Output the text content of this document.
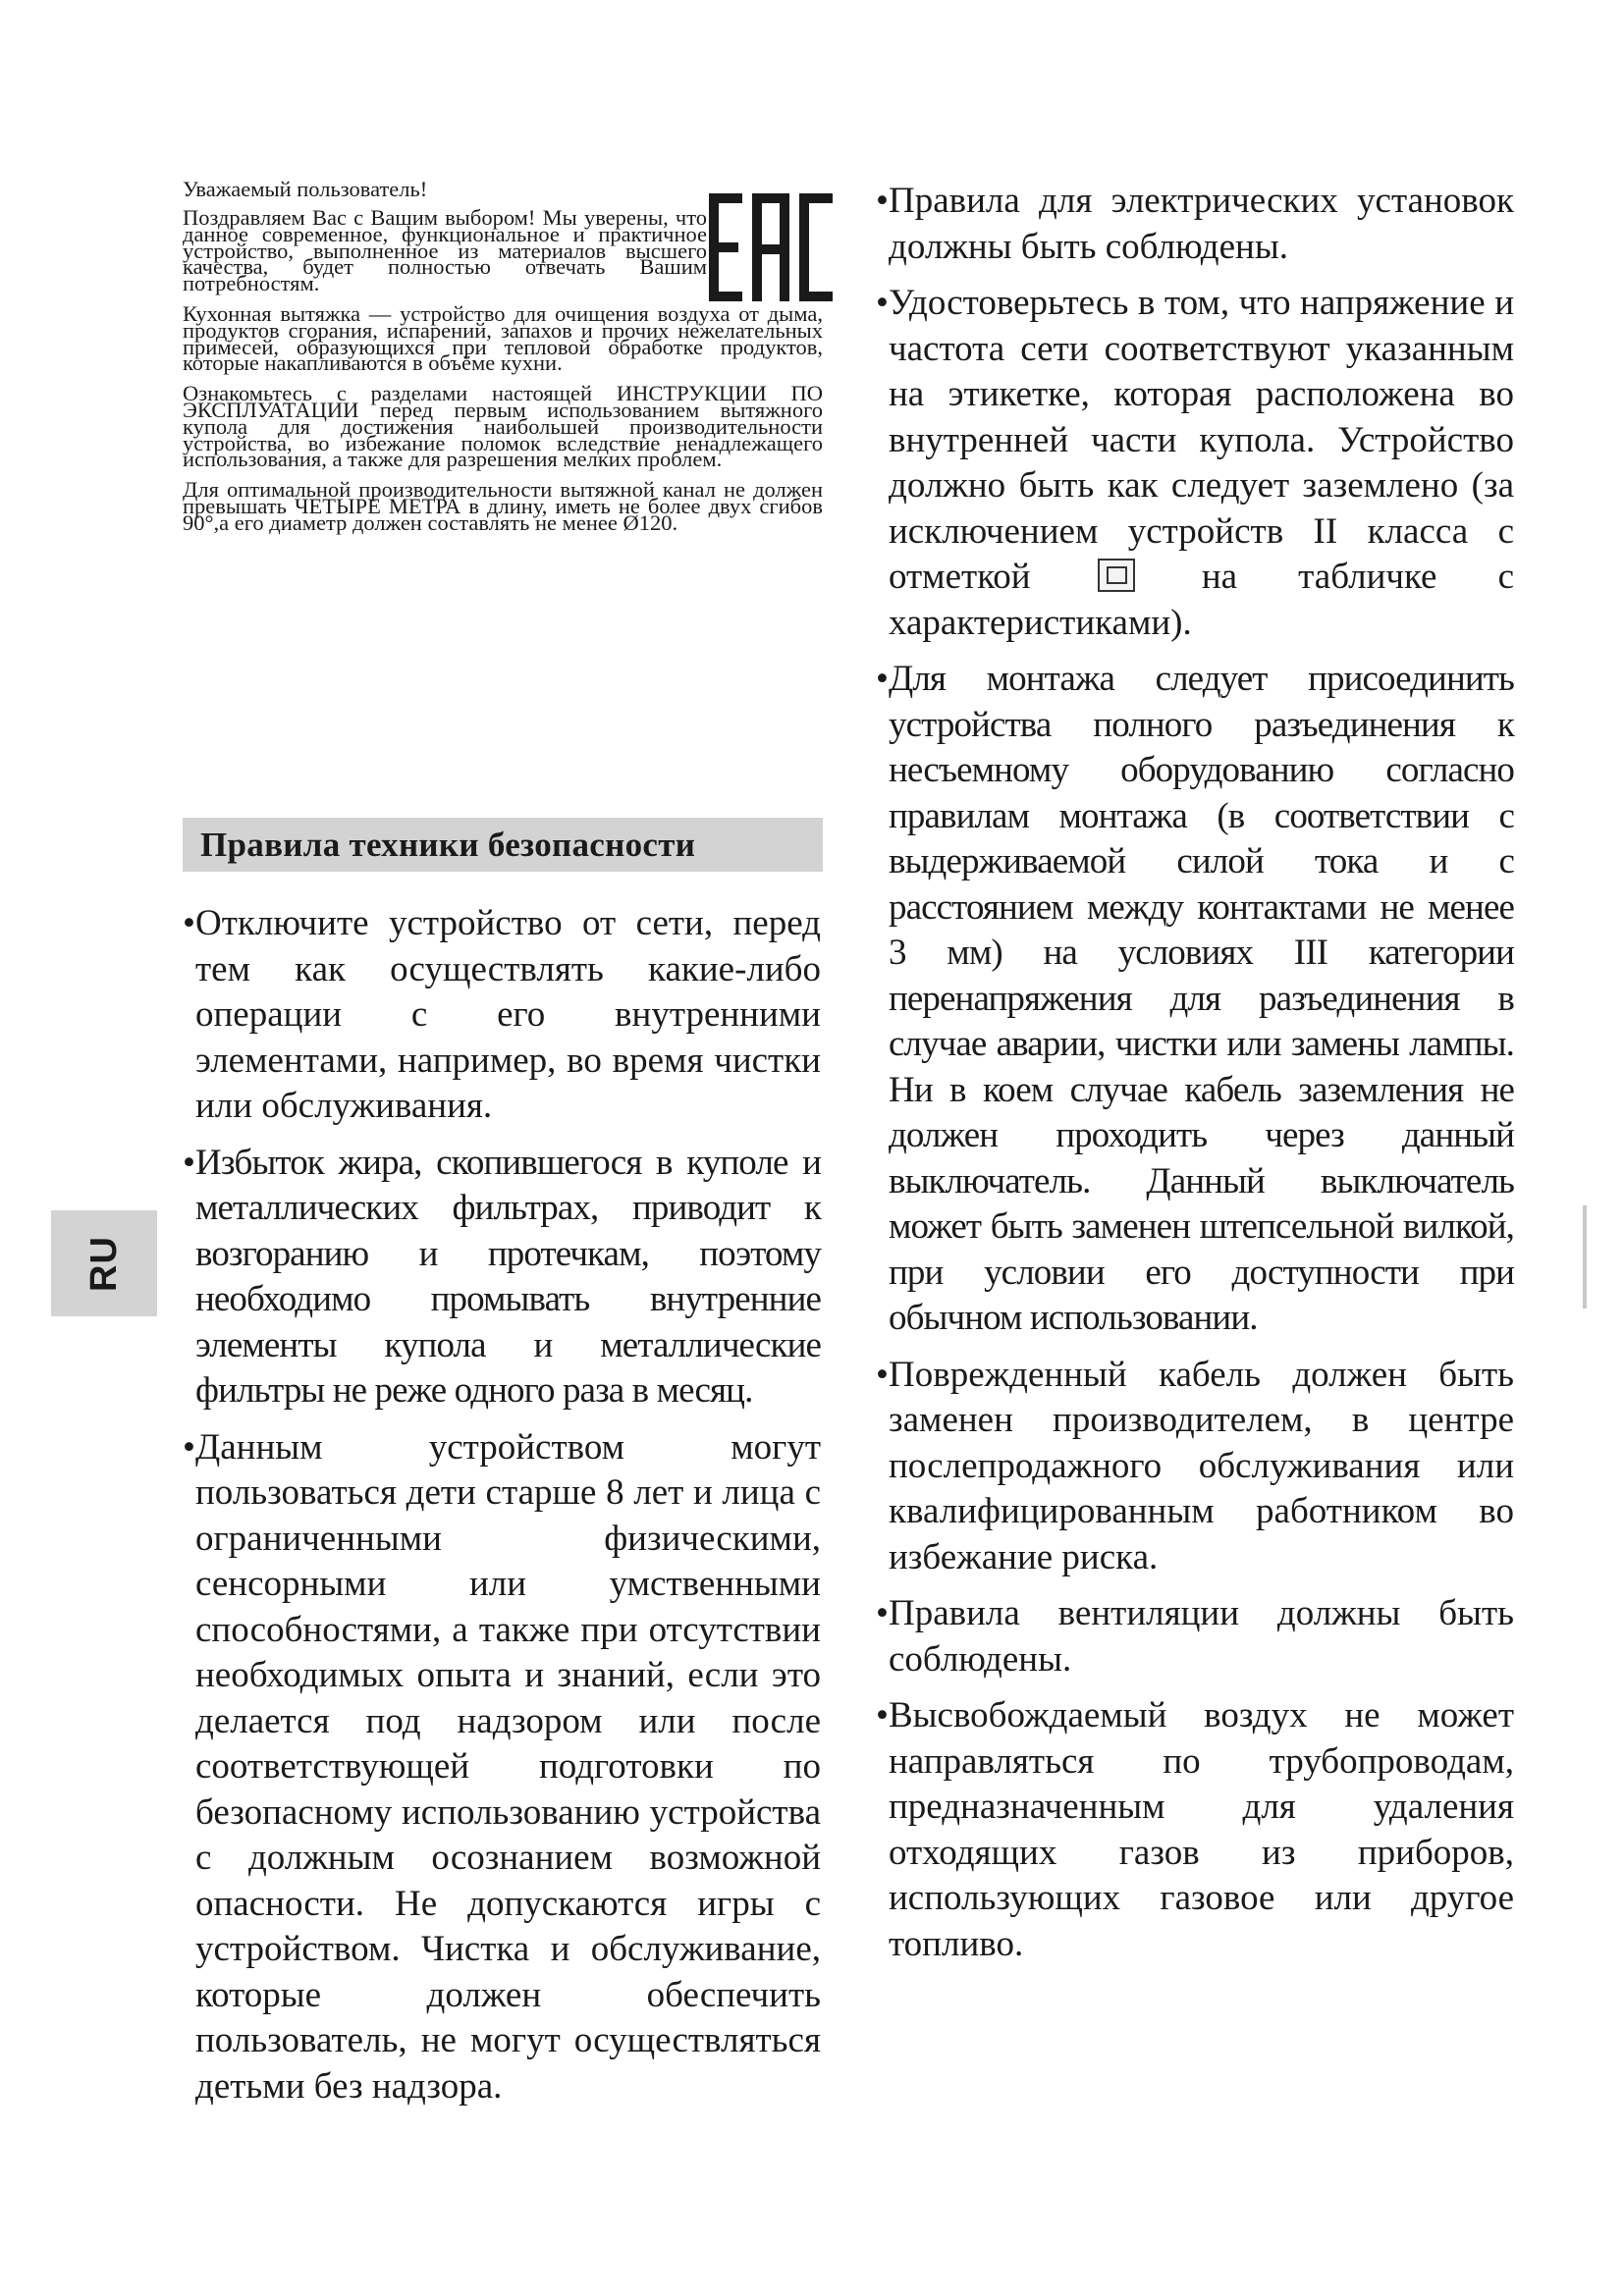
Уважаемый пользователь!

Поздравляем Вас с Вашим выбором! Мы уверены, что данное современное, функциональное и практичное устройство, выполненное из материалов высшего качества, будет полностью отвечать Вашим потребностям.

Кухонная вытяжка — устройство для очищения воздуха от дыма, продуктов сгорания, испарений, запахов и прочих нежелательных примесей, образующихся при тепловой обработке продуктов, которые накапливаются в объёме кухни.

Ознакомьтесь с разделами настоящей ИНСТРУКЦИИ ПО ЭКСПЛУАТАЦИИ перед первым использованием вытяжного купола для достижения наибольшей производительности устройства, во избежание поломок вследствие ненадлежащего использования, а также для разрешения мелких проблем.

Для оптимальной производительности вытяжной канал не должен превышать ЧЕТЫРЕ МЕТРА в длину, иметь не более двух сгибов 90°,а его диаметр должен составлять не менее Ø120.

Правила техники безопасности

• Отключите устройство от сети, перед тем как осуществлять какие-либо операции с его внутренними элементами, например, во время чистки или обслуживания.

• Избыток жира, скопившегося в куполе и металлических фильтрах, приводит к возгоранию и протечкам, поэтому необходимо промывать внутренние элементы купола и металлические фильтры не реже одного раза в месяц.

• Данным устройством могут пользоваться дети старше 8 лет и лица с ограниченными физическими, сенсорными или умственными способностями, а также при отсутствии необходимых опыта и знаний, если это делается под надзором или после соответствующей подготовки по безопасному использованию устройства с должным осознанием возможной опасности. Не допускаются игры с устройством. Чистка и обслуживание, которые должен обеспечить пользователь, не могут осуществляться детьми без надзора.

• Правила для электрических установок должны быть соблюдены.

• Удостоверьтесь в том, что напряжение и частота сети соответствуют указанным на этикетке, которая расположена во внутренней части купола. Устройство должно быть как следует заземлено (за исключением устройств II класса с отметкой	на табличке с характеристиками).

• Для монтажа следует присоединить устройства полного разъединения к несъемному оборудованию согласно правилам монтажа (в соответствии с выдерживаемой силой тока и с расстоянием между контактами не менее 3 мм) на условиях III категории перенапряжения для разъединения в случае аварии, чистки или замены лампы. Ни в коем случае кабель заземления не должен проходить через данный выключатель. Данный выключатель может быть заменен штепсельной вилкой, при условии его доступности при обычном использовании.

• Поврежденный кабель должен быть заменен производителем, в центре послепродажного обслуживания или квалифицированным работником во избежание риска.

• Правила вентиляции должны быть соблюдены.

• Высвобождаемый воздух не может направляться по трубопроводам, предназначенным для удаления отходящих газов из приборов, использующих газовое или другое топливо.

RU
